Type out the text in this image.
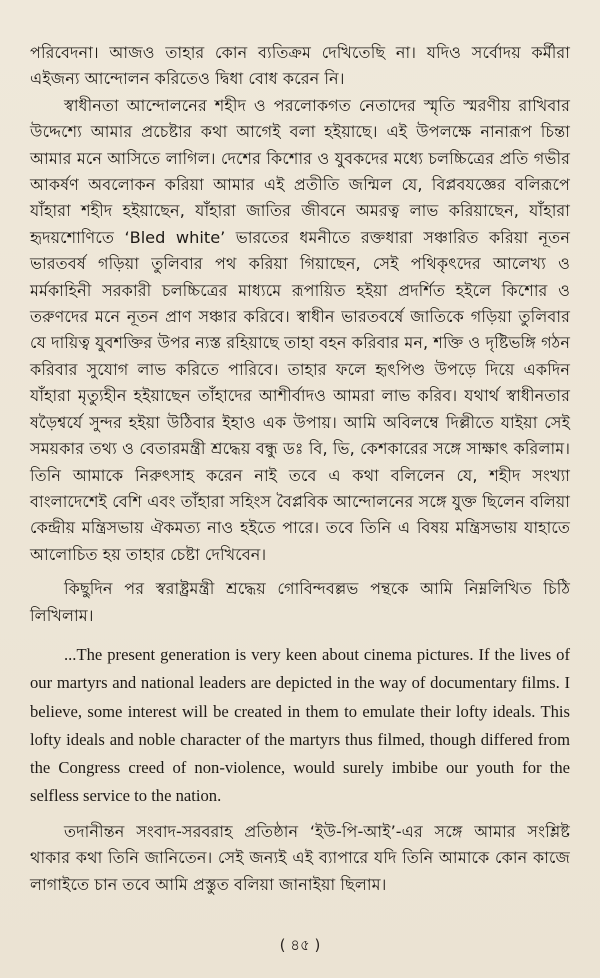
পরিবেদনা। আজও তাহার কোন ব্যতিক্রম দেখিতেছি না। যদিও সর্বোদয় কর্মীরা এইজন্য আন্দোলন করিতেও দ্বিধা বোধ করেন নি।

স্বাধীনতা আন্দোলনের শহীদ ও পরলোকগত নেতাদের স্মৃতি স্মরণীয় রাখিবার উদ্দেশ্যে আমার প্রচেষ্টার কথা আগেই বলা হইয়াছে। এই উপলক্ষে নানারূপ চিন্তা আমার মনে আসিতে লাগিল। দেশের কিশোর ও যুবকদের মধ্যে চলচ্চিত্রের প্রতি গভীর আকর্ষণ অবলোকন করিয়া আমার এই প্রতীতি জন্মিল যে, বিপ্লবযজ্ঞের বলিরূপে যাঁহারা শহীদ হইয়াছেন, যাঁহারা জাতির জীবনে অমরত্ব লাভ করিয়াছেন, যাঁহারা হৃদয়শোণিতে ‘Bled white’ ভারতের ধমনীতে রক্তধারা সঞ্চারিত করিয়া নূতন ভারতবর্ষ গড়িয়া তুলিবার পথ করিয়া গিয়াছেন, সেই পথিকৃৎদের আলেখ্য ও মর্মকাহিনী সরকারী চলচ্চিত্রের মাধ্যমে রূপায়িত হইয়া প্রদর্শিত হইলে কিশোর ও তরুণদের মনে নূতন প্রাণ সঞ্চার করিবে। স্বাধীন ভারতবর্ষে জাতিকে গড়িয়া তুলিবার যে দায়িত্ব যুবশক্তির উপর ন্যস্ত রহিয়াছে তাহা বহন করিবার মন, শক্তি ও দৃষ্টিভঙ্গি গঠন করিবার সুযোগ লাভ করিতে পারিবে। তাহার ফলে হৃৎপিণ্ড উপড়ে দিয়ে একদিন যাঁহারা মৃত্যুহীন হইয়াছেন তাঁহাদের আশীর্বাদও আমরা লাভ করিব। যথার্থ স্বাধীনতার ষড়ৈশ্বর্যে সুন্দর হইয়া উঠিবার ইহাও এক উপায়। আমি অবিলম্বে দিল্লীতে যাইয়া সেই সময়কার তথ্য ও বেতারমন্ত্রী শ্রদ্ধেয় বন্ধু ডঃ বি, ভি, কেশকারের সঙ্গে সাক্ষাৎ করিলাম। তিনি আমাকে নিরুৎসাহ করেন নাই তবে এ কথা বলিলেন যে, শহীদ সংখ্যা বাংলাদেশেই বেশি এবং তাঁহারা সহিংস বৈপ্লবিক আন্দোলনের সঙ্গে যুক্ত ছিলেন বলিয়া কেন্দ্রীয় মন্ত্রিসভায় ঐকমত্য নাও হইতে পারে। তবে তিনি এ বিষয় মন্ত্রিসভায় যাহাতে আলোচিত হয় তাহার চেষ্টা দেখিবেন।

কিছুদিন পর স্বরাষ্ট্রমন্ত্রী শ্রদ্ধেয় গোবিন্দবল্লভ পন্থকে আমি নিম্নলিখিত চিঠি লিখিলাম।

...The present generation is very keen about cinema pictures. If the lives of our martyrs and national leaders are depicted in the way of documentary films. I believe, some interest will be created in them to emulate their lofty ideals. This lofty ideals and noble character of the martyrs thus filmed, though differed from the Congress creed of non-violence, would surely imbibe our youth for the selfless service to the nation.

তদানীন্তন সংবাদ-সরবরাহ প্রতিষ্ঠান ‘ইউ-পি-আই’-এর সঙ্গে আমার সংশ্লিষ্ট থাকার কথা তিনি জানিতেন। সেই জন্যই এই ব্যাপারে যদি তিনি আমাকে কোন কাজে লাগাইতে চান তবে আমি প্রস্তুত বলিয়া জানাইয়া ছিলাম।

( ৪৫ )
